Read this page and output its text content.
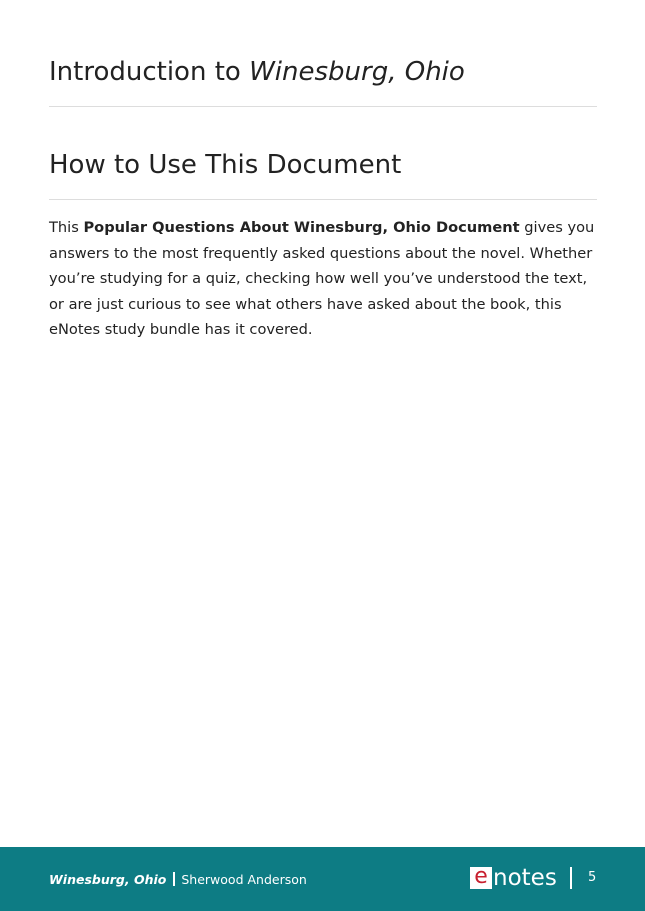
Introduction to Winesburg, Ohio
How to Use This Document

This Popular Questions About Winesburg, Ohio Document gives you answers to the most frequently asked questions about the novel. Whether you’re studying for a quiz, checking how well you’ve understood the text, or are just curious to see what others have asked about the book, this eNotes study bundle has it covered.

Winesburg, Ohio Sherwood Anderson	e notes 5
